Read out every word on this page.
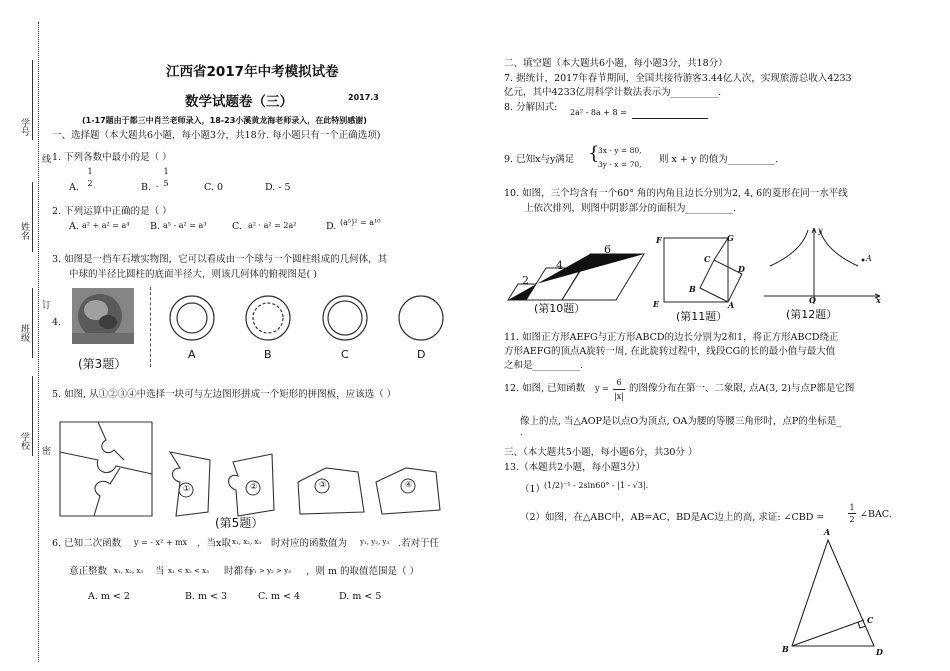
学号
线
姓名
订
班级
学校
密
江西省2017年中考模拟试卷
数学试题卷（三）	2017.3
(1-17题由于都三中肖兰老师录入，18-23小溪黄龙海老师录入，在此特别感谢)
一、选择题（本大题共6小题，每小题3分，共18分. 每小题只有一个正确选项)
1. 下列各数中最小的是（ ）
A.
1
2	B. -
1
5	C. 0	D. - 5
2. 下列运算中正确的是（ ）
A. a² + a² = a⁴ B. a⁵ - a² = a³	C. a² · a² = 2a²	D. (a⁵)² = a¹⁰
3. 如图是一挡车石墩实物图，它可以看成由一个球与一个圆柱组成的几何体，其
中球的半径比圆柱的底面半径大，则该几何体的俯视图是( )
4.
(第3题）
A	B	C	D
5. 如图, 从①②③④中选择一块可与左边图形拼成一个矩形的拼图板，应该选（ ）
①	②	③	④
(第5题）
6. 已知二次函数 y = - x² + mx ，当x取 x₁, x₂, x₃ 时对应的函数值为 y₁, y₂, y₃ .若对于任
意正整数 x₁, x₂, x₃ 当 x₁ < x₂ < x₃ 时都有
y₁ > y₂ > y₃ ，则 m 的取值范围是（ ）
A. m < 2	B. m < 3	C. m < 4	D. m < 5
二、填空题（本大题共6小题，每小题3分，共18分）
7. 据统计，2017年春节期间，全国共接待游客3.44亿人次，实现旅游总收入4233
亿元，其中4233亿用科学计数法表示为__________.
8. 分解因式: 2a² - 8a + 8 =
9. 已知x与y满足 {
3x - y = 80,
3y - x = 70, 则 x + y 的值为__________.
10. 如图，三个均含有一个60° 角的内角且边长分别为2, 4, 6的菱形在同一水平线
上依次排列，则图中阴影部分的面积为__________.
2
4
6
(第10题）
F	G
C
D
B
A
E
(第11题）
y
A
O	x
(第12题）
11. 如图正方形AEFG与正方形ABCD的边长分别为2和1，将正方形ABCD绕正
方形AEFG的顶点A旋转一周, 在此旋转过程中，线段CG的长的最小值与最大值
之和是__________.
12. 如图, 已知函数 y =
6
|x|
的图像分布在第一、二象限, 点A(3, 2)与点P都是它图
像上的点, 当△AOP是以点O为顶点, OA为腰的等腰三角形时，点P的坐标是_
.
三、（本大题共5小题，每小题6分，共30分 ）
13.（本题共2小题，每小题3分）
（1）
(1/2)⁻¹ - 2sin60° - |1 - √3|.
（2）如图，在△ABC中，AB=AC，BD是AC边上的高, 求证: ∠CBD =
1
2 ∠BAC.
A
C
B	D
